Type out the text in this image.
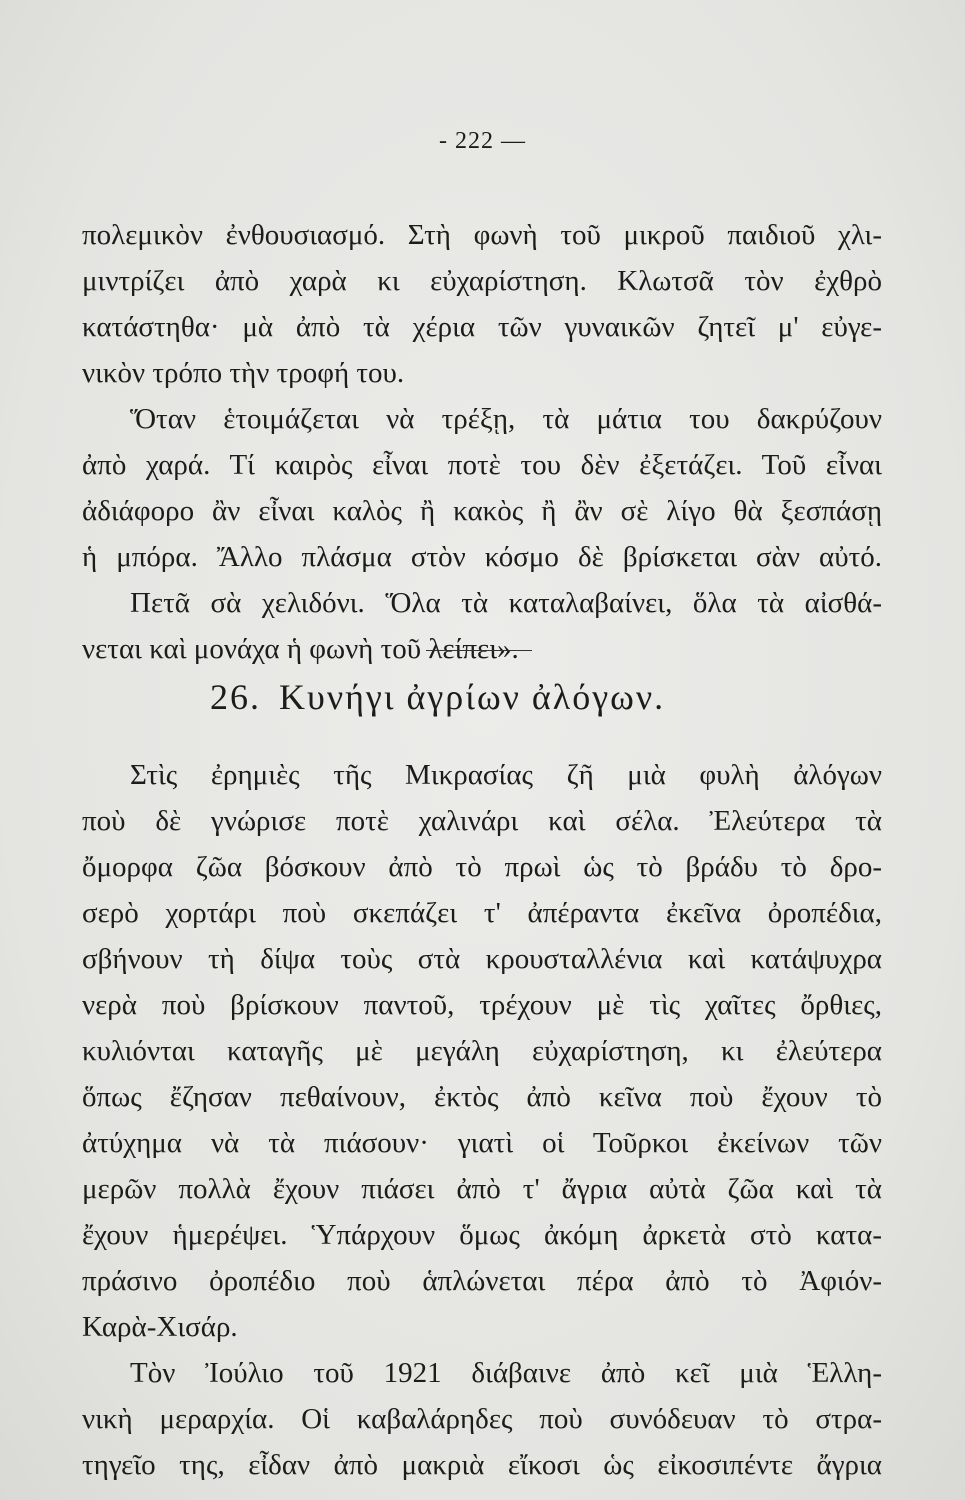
- 222 —
πολεμικὸν ἐνθουσιασμό. Στὴ φωνὴ τοῦ μικροῦ παιδιοῦ χλι-
μιντρίζει ἀπὸ χαρὰ κι εὐχαρίστηση. Κλωτσᾶ τὸν ἐχθρὸ
κατάστηθα· μὰ ἀπὸ τὰ χέρια τῶν γυναικῶν ζητεῖ μ' εὐγε-
νικὸν τρόπο τὴν τροφή του.
Ὅταν ἑτοιμάζεται νὰ τρέξῃ, τὰ μάτια του δακρύζουν
ἀπὸ χαρά. Τί καιρὸς εἶναι ποτὲ του δὲν ἐξετάζει. Τοῦ εἶναι
ἀδιάφορο ἂν εἶναι καλὸς ἢ κακὸς ἢ ἂν σὲ λίγο θὰ ξεσπάσῃ
ἡ μπόρα. Ἄλλο πλάσμα στὸν κόσμο δὲ βρίσκεται σὰν αὐτό.
Πετᾶ σὰ χελιδόνι. Ὅλα τὰ καταλαβαίνει, ὅλα τὰ αἰσθά-
νεται καὶ μονάχα ἡ φωνὴ τοῦ λείπει».
26. Κυνήγι ἀγρίων ἀλόγων.
Στὶς ἐρημιὲς τῆς Μικρασίας ζῆ μιὰ φυλὴ ἀλόγων
ποὺ δὲ γνώρισε ποτὲ χαλινάρι καὶ σέλα. Ἐλεύτερα τὰ
ὄμορφα ζῶα βόσκουν ἀπὸ τὸ πρωὶ ὡς τὸ βράδυ τὸ δρο-
σερὸ χορτάρι ποὺ σκεπάζει τ' ἀπέραντα ἐκεῖνα ὀροπέδια,
σβήνουν τὴ δίψα τοὺς στὰ κρουσταλλένια καὶ κατάψυχρα
νερὰ ποὺ βρίσκουν παντοῦ, τρέχουν μὲ τὶς χαῖτες ὄρθιες,
κυλιόνται καταγῆς μὲ μεγάλη εὐχαρίστηση, κι ἐλεύτερα
ὅπως ἔζησαν πεθαίνουν, ἐκτὸς ἀπὸ κεῖνα ποὺ ἔχουν τὸ
ἀτύχημα νὰ τὰ πιάσουν· γιατὶ οἱ Τοῦρκοι ἐκείνων τῶν
μερῶν πολλὰ ἔχουν πιάσει ἀπὸ τ' ἄγρια αὐτὰ ζῶα καὶ τὰ
ἔχουν ἡμερέψει. Ὑπάρχουν ὅμως ἀκόμη ἀρκετὰ στὸ κατα-
πράσινο ὀροπέδιο ποὺ ἁπλώνεται πέρα ἀπὸ τὸ Ἀφιόν-
Καρὰ-Χισάρ.
Τὸν Ἰούλιο τοῦ 1921 διάβαινε ἀπὸ κεῖ μιὰ Ἑλλη-
νικὴ μεραρχία. Οἱ καβαλάρηδες ποὺ συνόδευαν τὸ στρα-
τηγεῖο της, εἶδαν ἀπὸ μακριὰ εἴκοσι ὡς εἰκοσιπέντε ἄγρια
